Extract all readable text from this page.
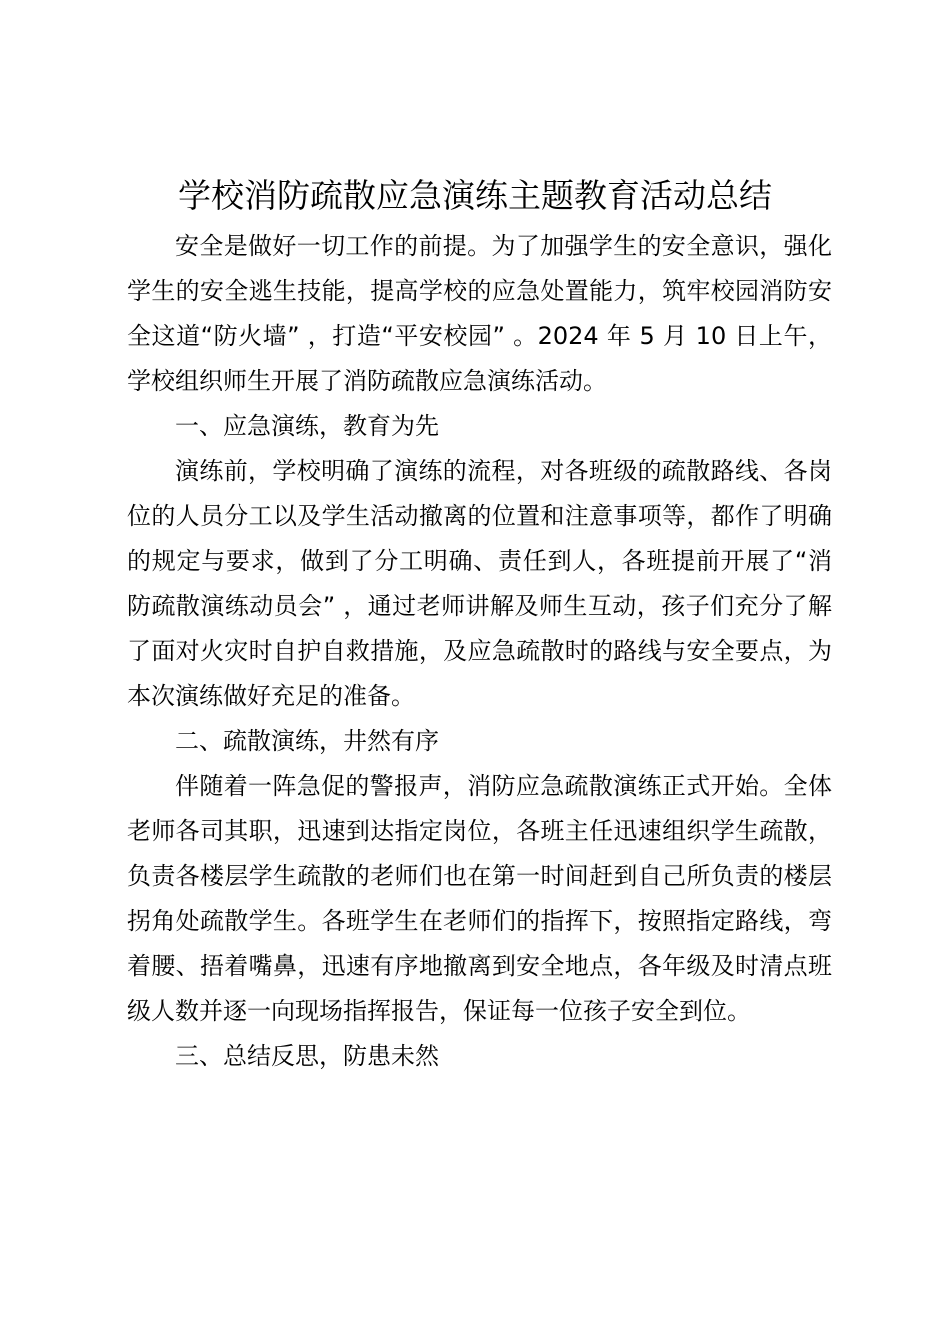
学校消防疏散应急演练主题教育活动总结

安全是做好一切工作的前提。为了加强学生的安全意识，强化学生的安全逃生技能，提高学校的应急处置能力，筑牢校园消防安全这道“防火墙” ，打造“平安校园” 。2024 年 5 月 10 日上午，学校组织师生开展了消防疏散应急演练活动。

一、应急演练，教育为先

演练前，学校明确了演练的流程，对各班级的疏散路线、各岗位的人员分工以及学生活动撤离的位置和注意事项等，都作了明确的规定与要求，做到了分工明确、责任到人，各班提前开展了“消防疏散演练动员会” ，通过老师讲解及师生互动，孩子们充分了解了面对火灾时自护自救措施，及应急疏散时的路线与安全要点，为本次演练做好充足的准备。

二、疏散演练，井然有序

伴随着一阵急促的警报声，消防应急疏散演练正式开始。全体老师各司其职，迅速到达指定岗位，各班主任迅速组织学生疏散，负责各楼层学生疏散的老师们也在第一时间赶到自己所负责的楼层拐角处疏散学生。各班学生在老师们的指挥下，按照指定路线，弯着腰、捂着嘴鼻，迅速有序地撤离到安全地点，各年级及时清点班级人数并逐一向现场指挥报告，保证每一位孩子安全到位。

三、总结反思，防患未然
